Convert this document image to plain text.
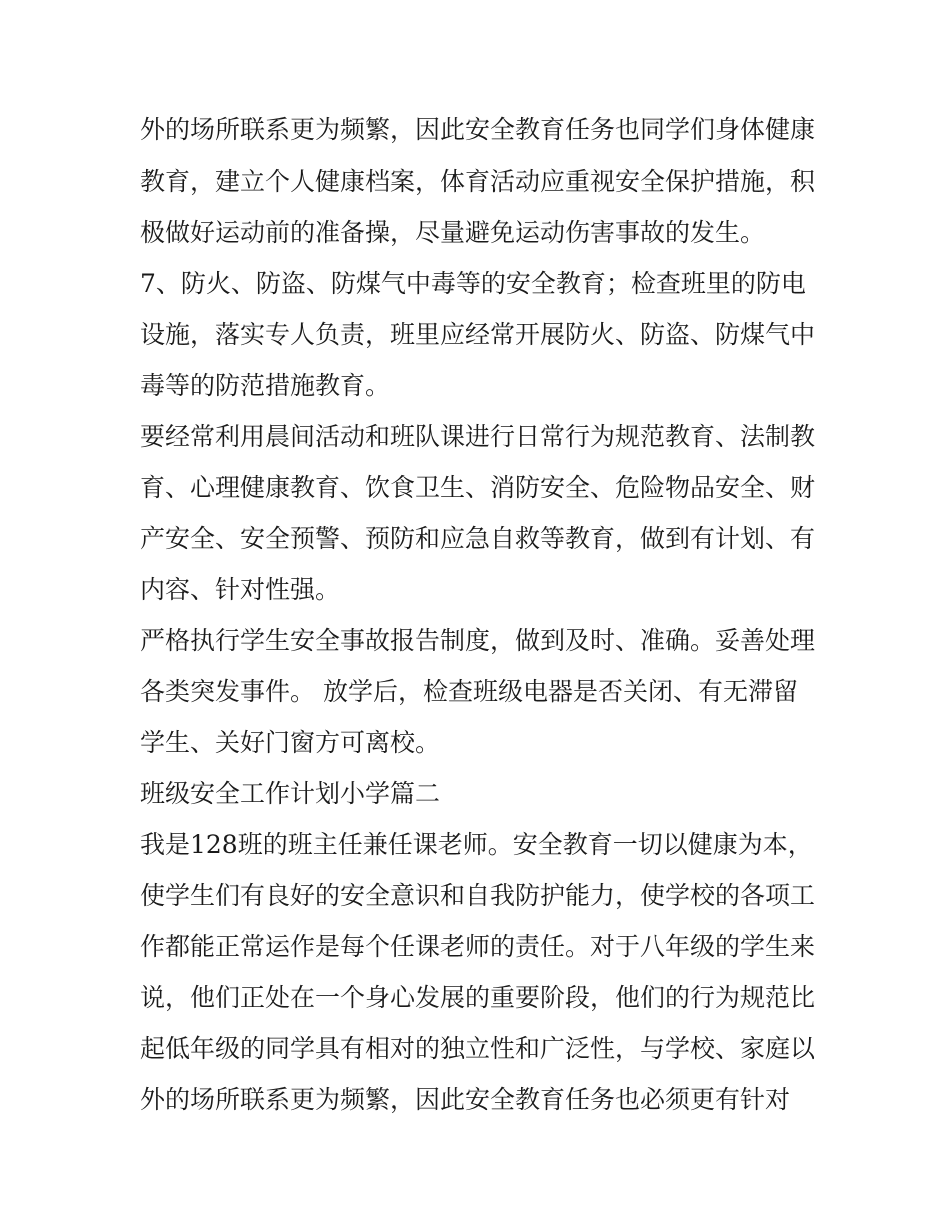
外的场所联系更为频繁，因此安全教育任务也同学们身体健康

教育，建立个人健康档案，体育活动应重视安全保护措施，积

极做好运动前的准备操，尽量避免运动伤害事故的发生。

7、防火、防盗、防煤气中毒等的安全教育；检查班里的防电

设施，落实专人负责，班里应经常开展防火、防盗、防煤气中

毒等的防范措施教育。

要经常利用晨间活动和班队课进行日常行为规范教育、法制教

育、心理健康教育、饮食卫生、消防安全、危险物品安全、财

产安全、安全预警、预防和应急自救等教育，做到有计划、有

内容、针对性强。

严格执行学生安全事故报告制度，做到及时、准确。妥善处理

各类突发事件。 放学后，检查班级电器是否关闭、有无滞留

学生、关好门窗方可离校。

班级安全工作计划小学篇二

我是128班的班主任兼任课老师。安全教育一切以健康为本，

使学生们有良好的安全意识和自我防护能力，使学校的各项工

作都能正常运作是每个任课老师的责任。对于八年级的学生来

说，他们正处在一个身心发展的重要阶段，他们的行为规范比

起低年级的同学具有相对的独立性和广泛性，与学校、家庭以

外的场所联系更为频繁，因此安全教育任务也必须更有针对
